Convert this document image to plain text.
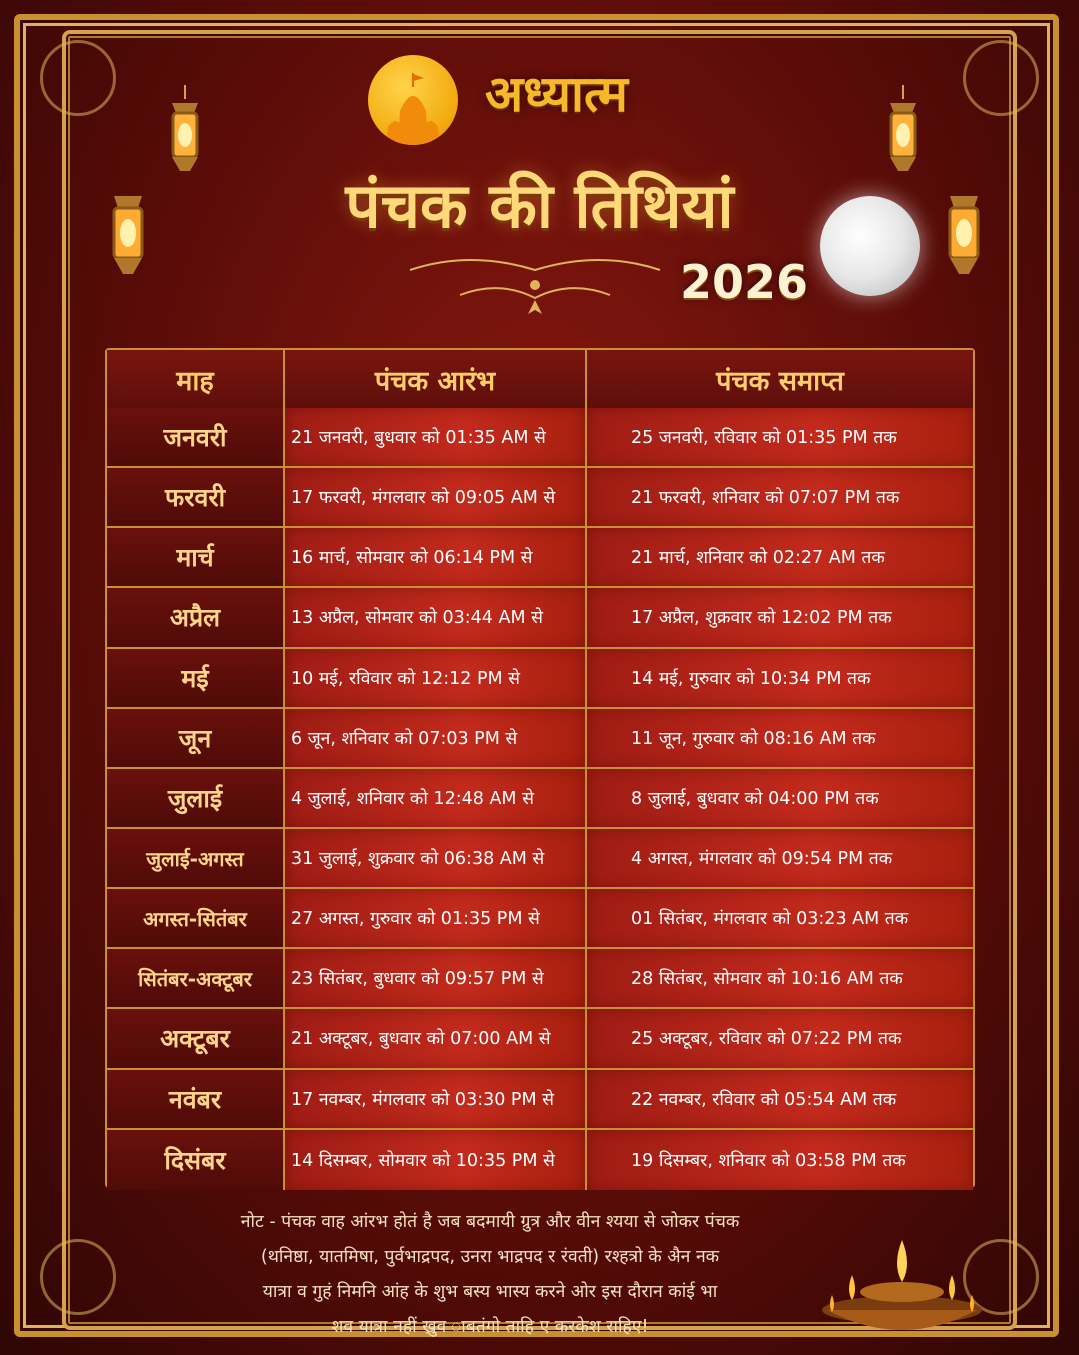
अध्यात्म
पंचक की तिथियां
2026
माह	पंचक आरंभ	पंचक समाप्त
जनवरी	21 जनवरी, बुधवार को 01:35 AM से	25 जनवरी, रविवार को 01:35 PM तक
फरवरी	17 फरवरी, मंगलवार को 09:05 AM से	21 फरवरी, शनिवार को 07:07 PM तक
मार्च	16 मार्च, सोमवार को 06:14 PM से	21 मार्च, शनिवार को 02:27 AM तक
अप्रैल	13 अप्रैल, सोमवार को 03:44 AM से	17 अप्रैल, शुक्रवार को 12:02 PM तक
मई	10 मई, रविवार को 12:12 PM से	14 मई, गुरुवार को 10:34 PM तक
जून	6 जून, शनिवार को 07:03 PM से	11 जून, गुरुवार को 08:16 AM तक
जुलाई	4 जुलाई, शनिवार को 12:48 AM से	8 जुलाई, बुधवार को 04:00 PM तक
जुलाई-अगस्त	31 जुलाई, शुक्रवार को 06:38 AM से	4 अगस्त, मंगलवार को 09:54 PM तक
अगस्त-सितंबर	27 अगस्त, गुरुवार को 01:35 PM से	01 सितंबर, मंगलवार को 03:23 AM तक
सितंबर-अक्टूबर	23 सितंबर, बुधवार को 09:57 PM से	28 सितंबर, सोमवार को 10:16 AM तक
अक्टूबर	21 अक्टूबर, बुधवार को 07:00 AM से	25 अक्टूबर, रविवार को 07:22 PM तक
नवंबर	17 नवम्बर, मंगलवार को 03:30 PM से	22 नवम्बर, रविवार को 05:54 AM तक
दिसंबर	14 दिसम्बर, सोमवार को 10:35 PM से	19 दिसम्बर, शनिवार को 03:58 PM तक
नोट - पंचक वाह आंरभ होतं है जब बदमायी ग्रुत्र और वीन श्यया से जोकर पंचक
(थनिष्ठा, यातमिषा, पुर्वभाद्रपद, उनरा भाद्रपद र रंवती) रश्हत्रो के अैन नक
यात्रा व गुहं निमनि आंह के शुभ बस्य भास्य करने ओर इस दौरान कांई भा
शव यात्रा नहीं ख्रुव ाबतंगो ताहि ए करकेश राहिए!
